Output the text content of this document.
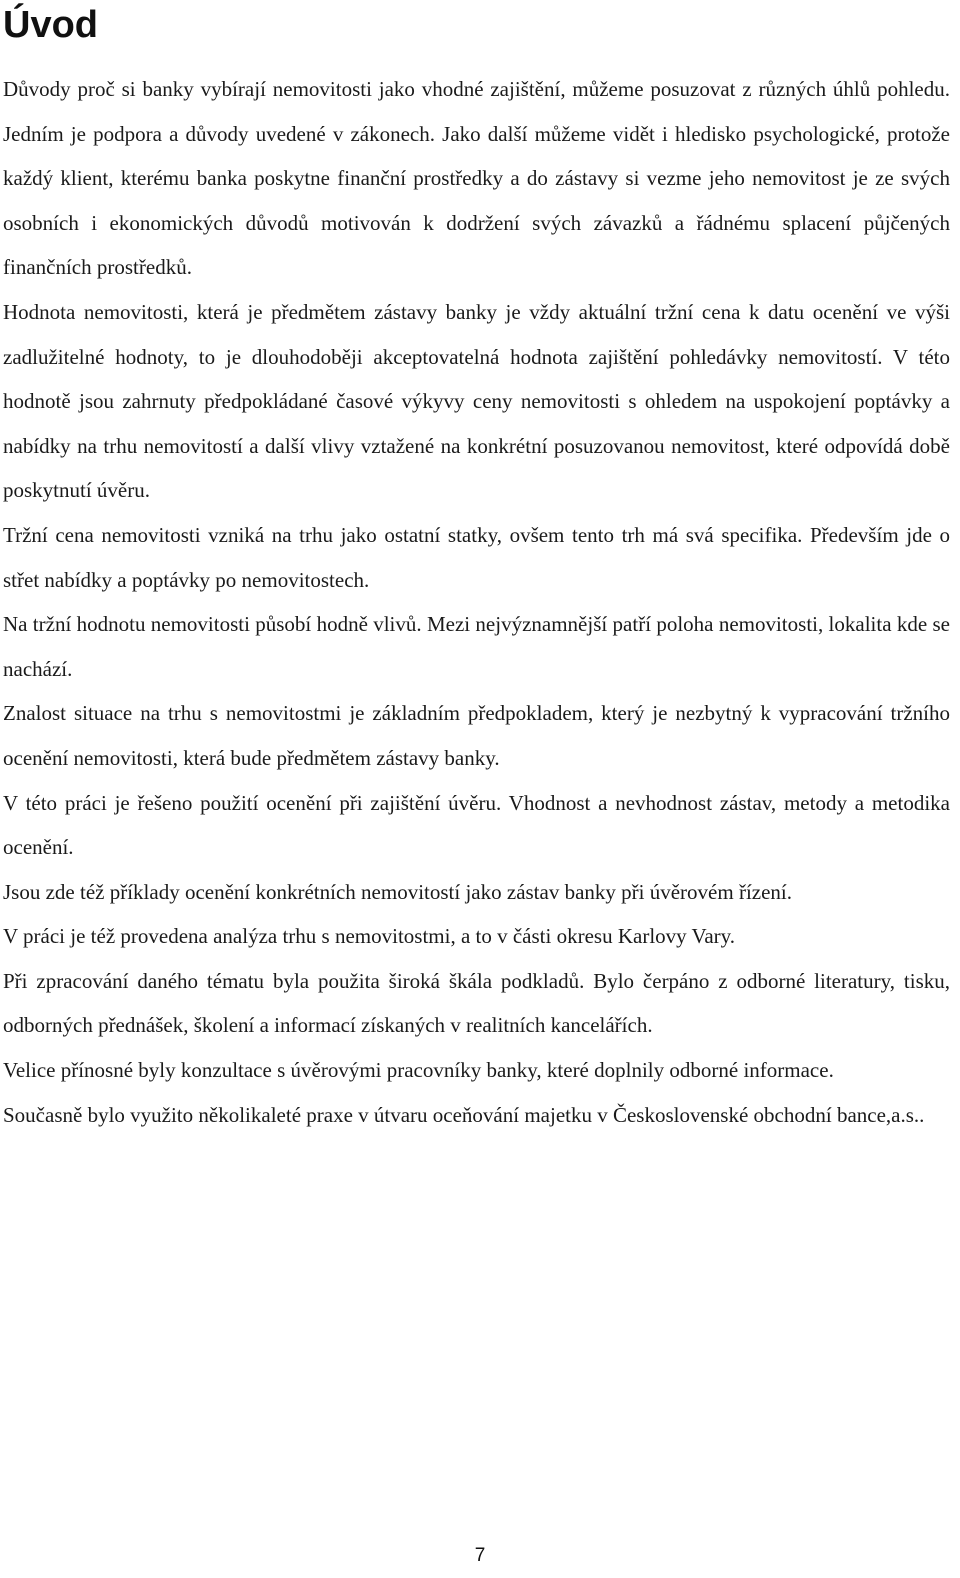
Úvod

Důvody proč si banky vybírají nemovitosti jako vhodné zajištění, můžeme posuzovat z různých úhlů pohledu. Jedním je podpora a důvody uvedené v zákonech. Jako další můžeme vidět i hledisko psychologické, protože každý klient, kterému banka poskytne finanční prostředky a do zástavy si vezme jeho nemovitost je ze svých osobních i ekonomických důvodů motivován k dodržení svých závazků a řádnému splacení půjčených finančních prostředků.

Hodnota nemovitosti, která je předmětem zástavy banky je vždy aktuální tržní cena k datu ocenění ve výši zadlužitelné hodnoty, to je dlouhodoběji akceptovatelná hodnota zajištění pohledávky nemovitostí. V této hodnotě jsou zahrnuty předpokládané časové výkyvy ceny nemovitosti s ohledem na uspokojení poptávky a nabídky na trhu nemovitostí a další vlivy vztažené na konkrétní posuzovanou nemovitost, které odpovídá době poskytnutí úvěru.

Tržní cena nemovitosti vzniká na trhu jako ostatní statky, ovšem tento trh má svá specifika. Především jde o střet nabídky a poptávky po nemovitostech.

Na tržní hodnotu nemovitosti působí hodně vlivů. Mezi nejvýznamnější patří poloha nemovitosti, lokalita kde se nachází.

Znalost situace na trhu s nemovitostmi je základním předpokladem, který je nezbytný k vypracování tržního ocenění nemovitosti, která bude předmětem zástavy banky.

V této práci je řešeno použití ocenění při zajištění úvěru. Vhodnost a nevhodnost zástav, metody a metodika ocenění.

Jsou zde též příklady ocenění konkrétních nemovitostí jako zástav banky při úvěrovém řízení.

V práci je též provedena analýza trhu s nemovitostmi, a to v části okresu Karlovy Vary.

Při zpracování daného tématu byla použita široká škála podkladů. Bylo čerpáno z odborné literatury, tisku, odborných přednášek, školení a informací získaných v realitních kancelářích.

Velice přínosné byly konzultace s úvěrovými pracovníky banky, které doplnily odborné informace.

Současně bylo využito několikaleté praxe v útvaru oceňování majetku v Československé obchodní bance,a.s..

7
